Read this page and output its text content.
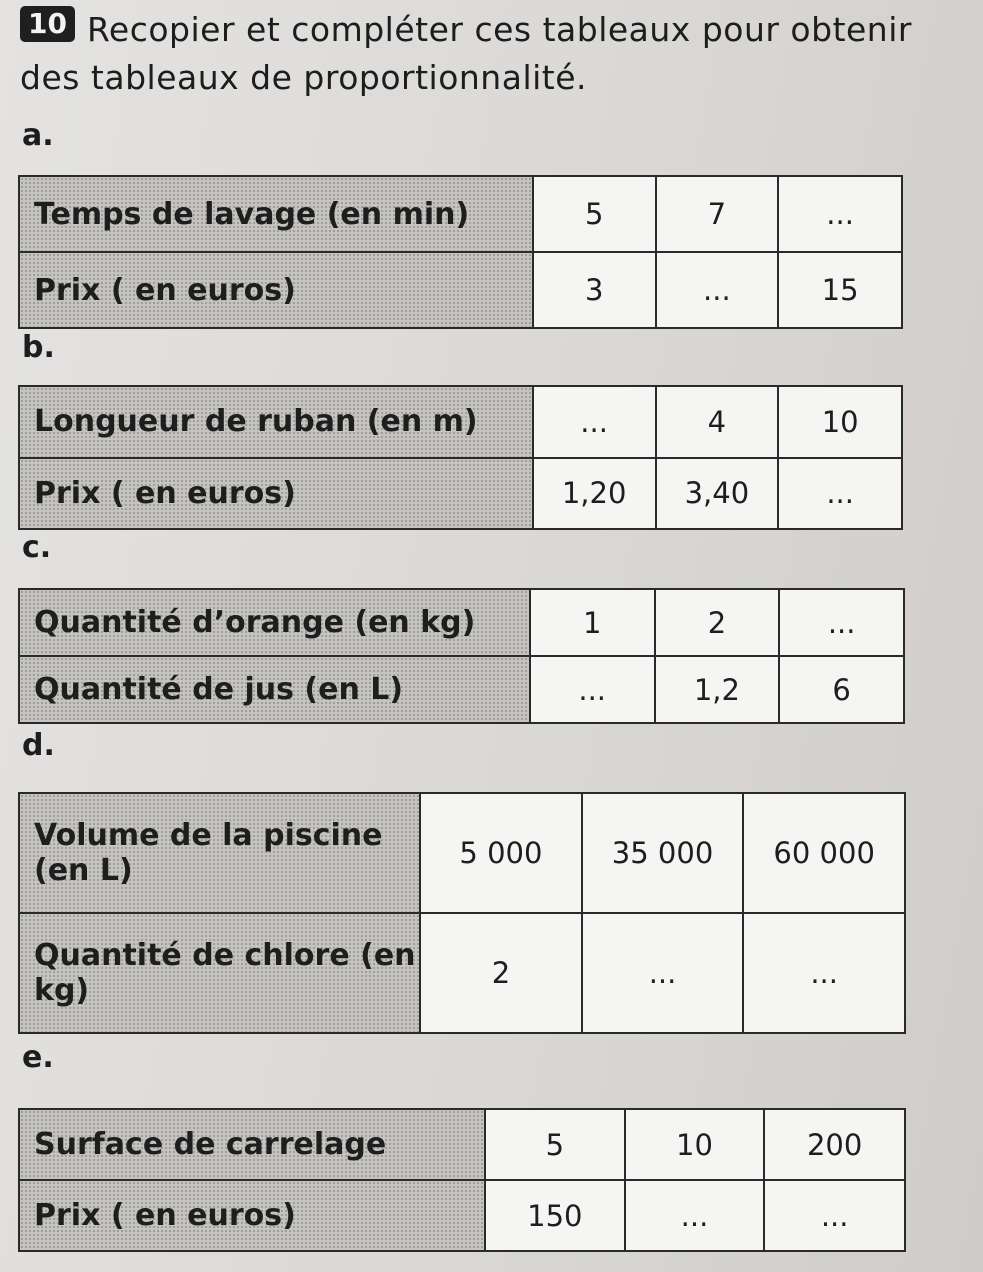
10 Recopier et compléter ces tableaux pour obtenir des tableaux de proportionnalité.
a.
Temps de lavage (en min)	5	7	...
Prix ( en euros)	3	...	15
b.
Longueur de ruban (en m)	...	4	10
Prix ( en euros)	1,20	3,40	...
c.
Quantité d’orange (en kg)	1	2	...
Quantité de jus (en L)	...	1,2	6
d.
Volume de la piscine (en L)	5 000	35 000	60 000
Quantité de chlore (en kg)	2	...	...
e.
Surface de carrelage	5	10	200
Prix ( en euros)	150	...	...
